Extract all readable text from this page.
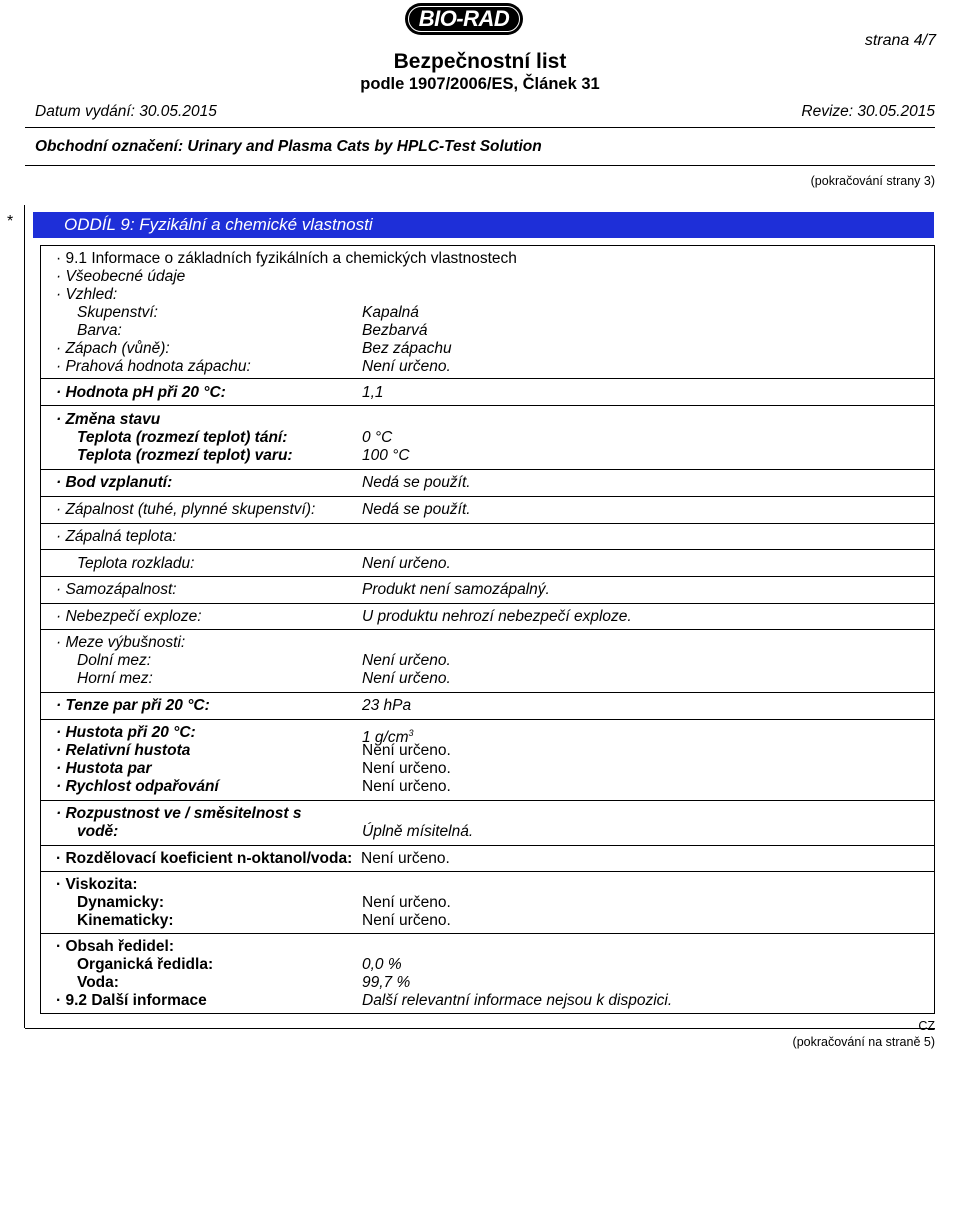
BIO-RAD
Bezpečnostní list
podle 1907/2006/ES, Článek 31
strana 4/7
Datum vydání: 30.05.2015	Revize: 30.05.2015
Obchodní označení: Urinary and Plasma Cats by HPLC-Test Solution
(pokračování strany 3)
*	ODDÍL 9: Fyzikální a chemické vlastnosti
· 9.1 Informace o základních fyzikálních a chemických vlastnostech
· Všeobecné údaje
· Vzhled:
Skupenství:	Kapalná
Barva:	Bezbarvá
· Zápach (vůně):	Bez zápachu
· Prahová hodnota zápachu:	Není určeno.
· Hodnota pH při 20 °C:	1,1
· Změna stavu
Teplota (rozmezí teplot) tání:	0 °C
Teplota (rozmezí teplot) varu:	100 °C
· Bod vzplanutí:	Nedá se použít.
· Zápalnost (tuhé, plynné skupenství):	Nedá se použít.
· Zápalná teplota:
Teplota rozkladu:	Není určeno.
· Samozápalnost:	Produkt není samozápalný.
· Nebezpečí exploze:	U produktu nehrozí nebezpečí exploze.
· Meze výbušnosti:
Dolní mez:	Není určeno.
Horní mez:	Není určeno.
· Tenze par při 20 °C:	23 hPa
· Hustota při 20 °C:	1 $g/cm^3$
· Relativní hustota	Není určeno.
· Hustota par	Není určeno.
· Rychlost odpařování	Není určeno.
· Rozpustnost ve / směsitelnost s
vodě:	Úplně mísitelná.
· Rozdělovací koeficient n-oktanol/voda: Není určeno.
· Viskozita:
Dynamicky:	Není určeno.
Kinematicky:	Není určeno.
· Obsah ředidel:
Organická ředidla:	0,0 %
Voda:	99,7 %
· 9.2 Další informace	Další relevantní informace nejsou k dispozici.
CZ
(pokračování na straně 5)
